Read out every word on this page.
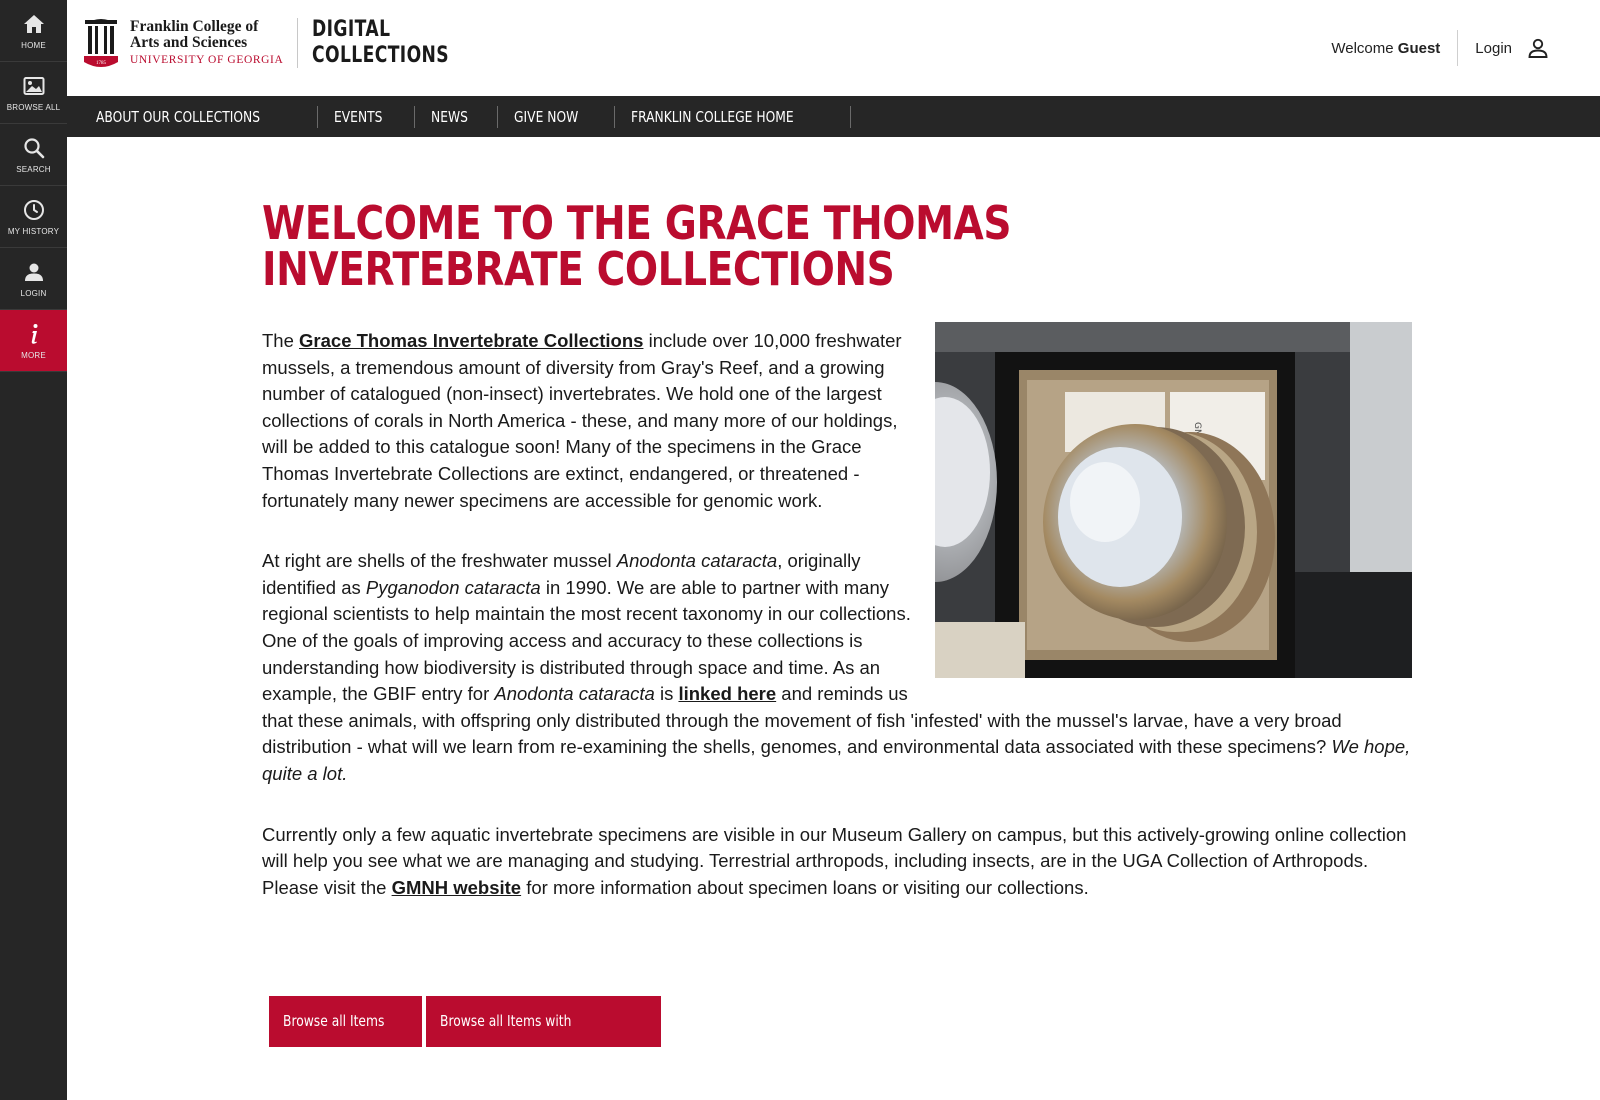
HOME
BROWSE ALL
SEARCH
MY HISTORY
LOGIN
MORE
1785
Franklin College of
Arts and Sciences
UNIVERSITY OF GEORGIA
DIGITAL
COLLECTIONS	Welcome Guest Login
ABOUT OUR COLLECTIONS	EVENTS	NEWS	GIVE NOW	FRANKLIN COLLEGE HOME
WELCOME TO THE GRACE THOMAS INVERTEBRATE COLLECTIONS

The Grace Thomas Invertebrate Collections include over 10,000 freshwater mussels, a tremendous amount of diversity from Gray's Reef, and a growing number of catalogued (non-insect) invertebrates. We hold one of the largest collections of corals in North America - these, and many more of our holdings, will be added to this catalogue soon! Many of the specimens in the Grace Thomas Invertebrate Collections are extinct, endangered, or threatened - fortunately many newer specimens are accessible for genomic work.

At right are shells of the freshwater mussel Anodonta cataracta, originally identified as Pyganodon cataracta in 1990. We are able to partner with many regional scientists to help maintain the most recent taxonomy in our collections. One of the goals of improving access and accuracy to these collections is understanding how biodiversity is distributed through space and time. As an example, the GBIF entry for Anodonta cataracta is linked here and reminds us that these animals, with offspring only distributed through the movement of fish 'infested' with the mussel's larvae, have a very broad distribution - what will we learn from re-examining the shells, genomes, and environmental data associated with these specimens? We hope, quite a lot.

Currently only a few aquatic invertebrate specimens are visible in our Museum Gallery on campus, but this actively-growing online collection will help you see what we are managing and studying. Terrestrial arthropods, including insects, are in the UGA Collection of Arthropods. Please visit the GMNH website for more information about specimen loans or visiting our collections.

Browse all Items	Browse all Items with Photos
